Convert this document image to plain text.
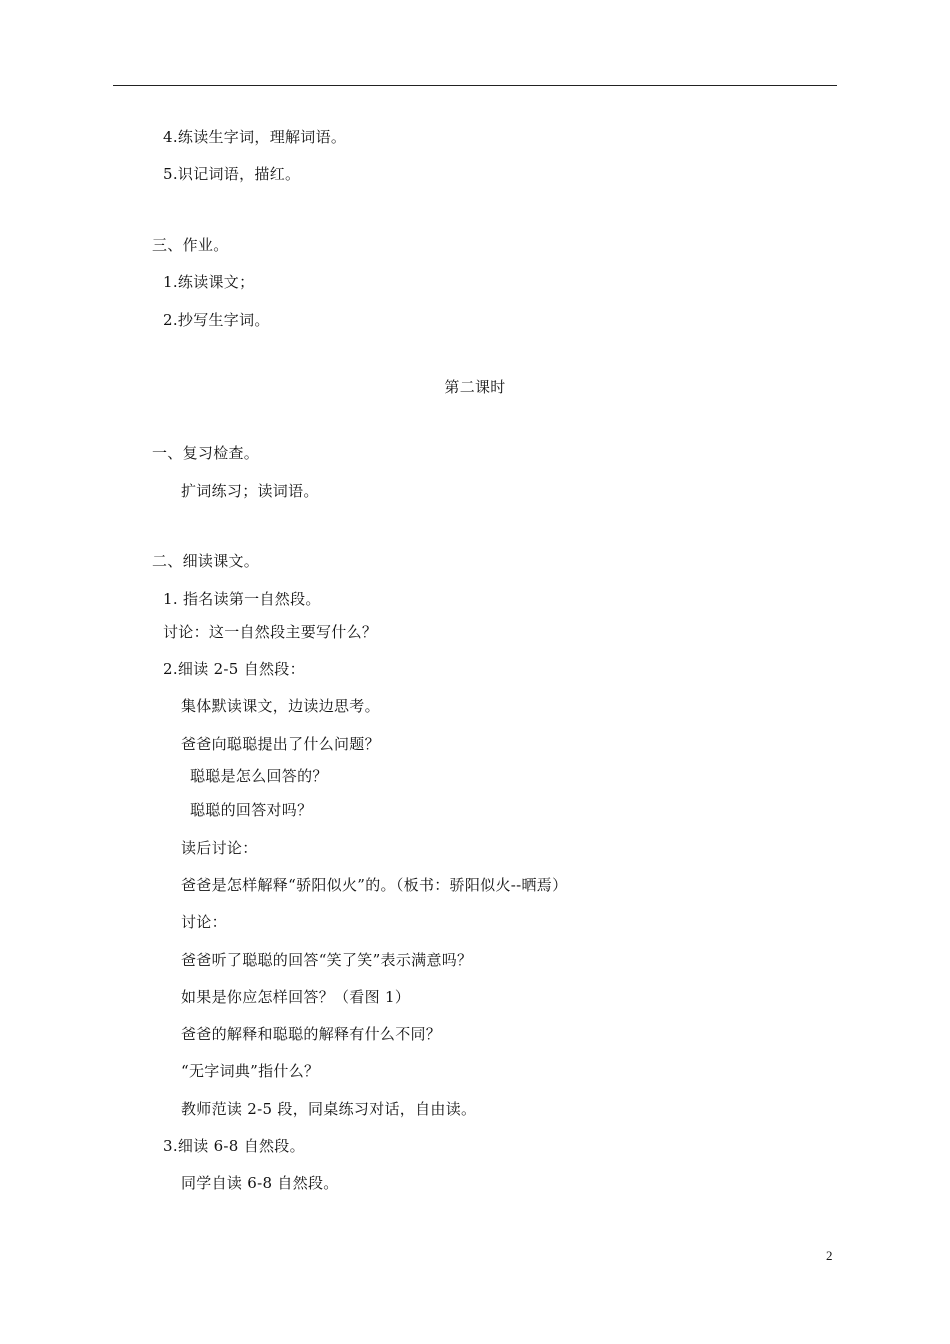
4.练读生字词，理解词语。
5.识记词语，描红。
三、作业。
1.练读课文；
2.抄写生字词。
第二课时
一、复习检查。
扩词练习；读词语。
二、细读课文。
1. 指名读第一自然段。
讨论：这一自然段主要写什么？
2.细读 2-5 自然段：
集体默读课文，边读边思考。
爸爸向聪聪提出了什么问题？
聪聪是怎么回答的？
聪聪的回答对吗？
读后讨论：
爸爸是怎样解释“骄阳似火”的。（板书：骄阳似火--晒焉）
讨论：
爸爸听了聪聪的回答“笑了笑”表示满意吗？
如果是你应怎样回答？（看图 1）
爸爸的解释和聪聪的解释有什么不同？
“无字词典”指什么？
教师范读 2-5 段，同桌练习对话，自由读。
3.细读 6-8 自然段。
同学自读 6-8 自然段。
2
